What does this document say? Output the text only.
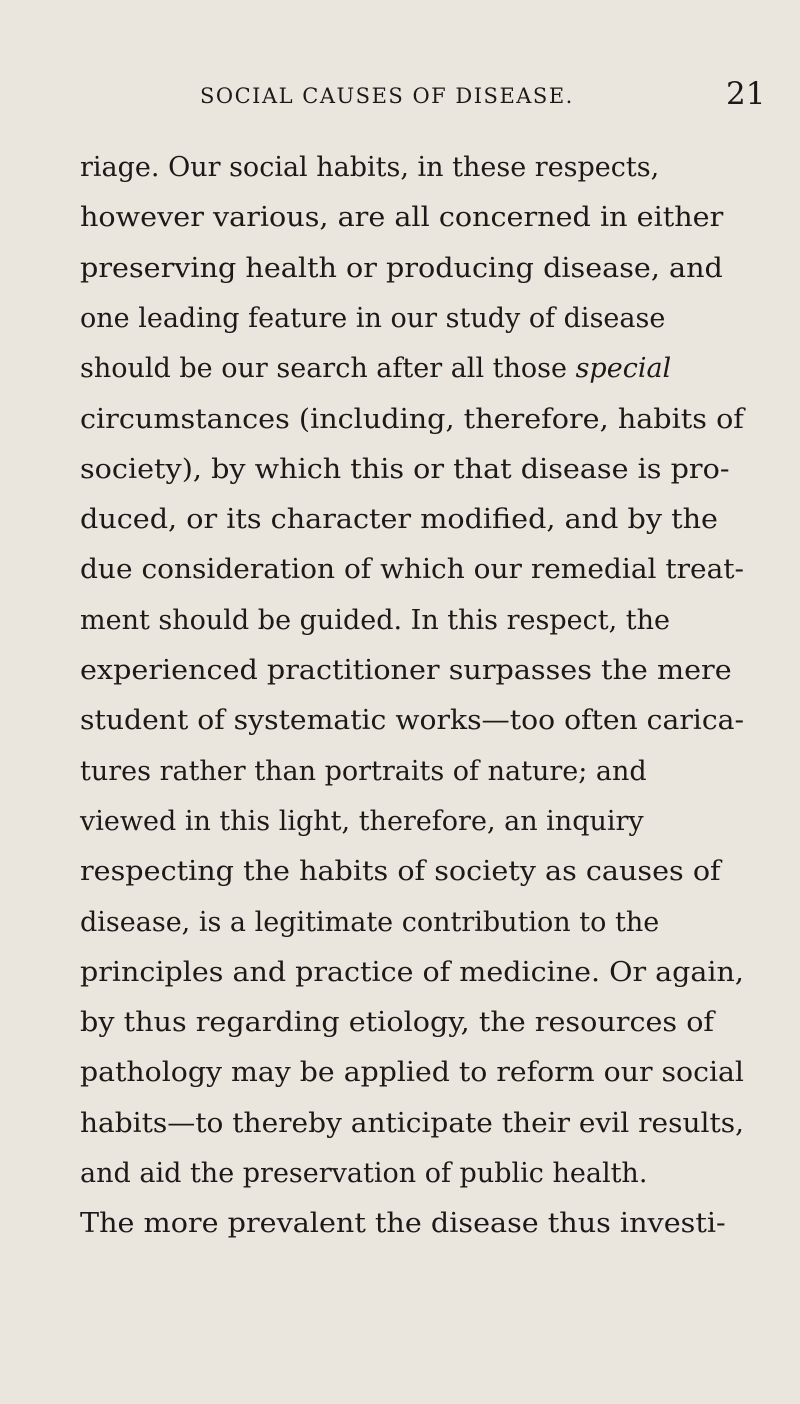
SOCIAL CAUSES OF DISEASE.	21
riage. Our social habits, in these respects,
however various, are all concerned in either
preserving health or producing disease, and
one leading feature in our study of disease
should be our search after all those special
circumstances (including, therefore, habits of
society), by which this or that disease is pro-
duced, or its character modified, and by the
due consideration of which our remedial treat-
ment should be guided. In this respect, the
experienced practitioner surpasses the mere
student of systematic works—too often carica-
tures rather than portraits of nature; and
viewed in this light, therefore, an inquiry
respecting the habits of society as causes of
disease, is a legitimate contribution to the
principles and practice of medicine. Or again,
by thus regarding etiology, the resources of
pathology may be applied to reform our social
habits—to thereby anticipate their evil results,
and aid the preservation of public health.
The more prevalent the disease thus investi-
